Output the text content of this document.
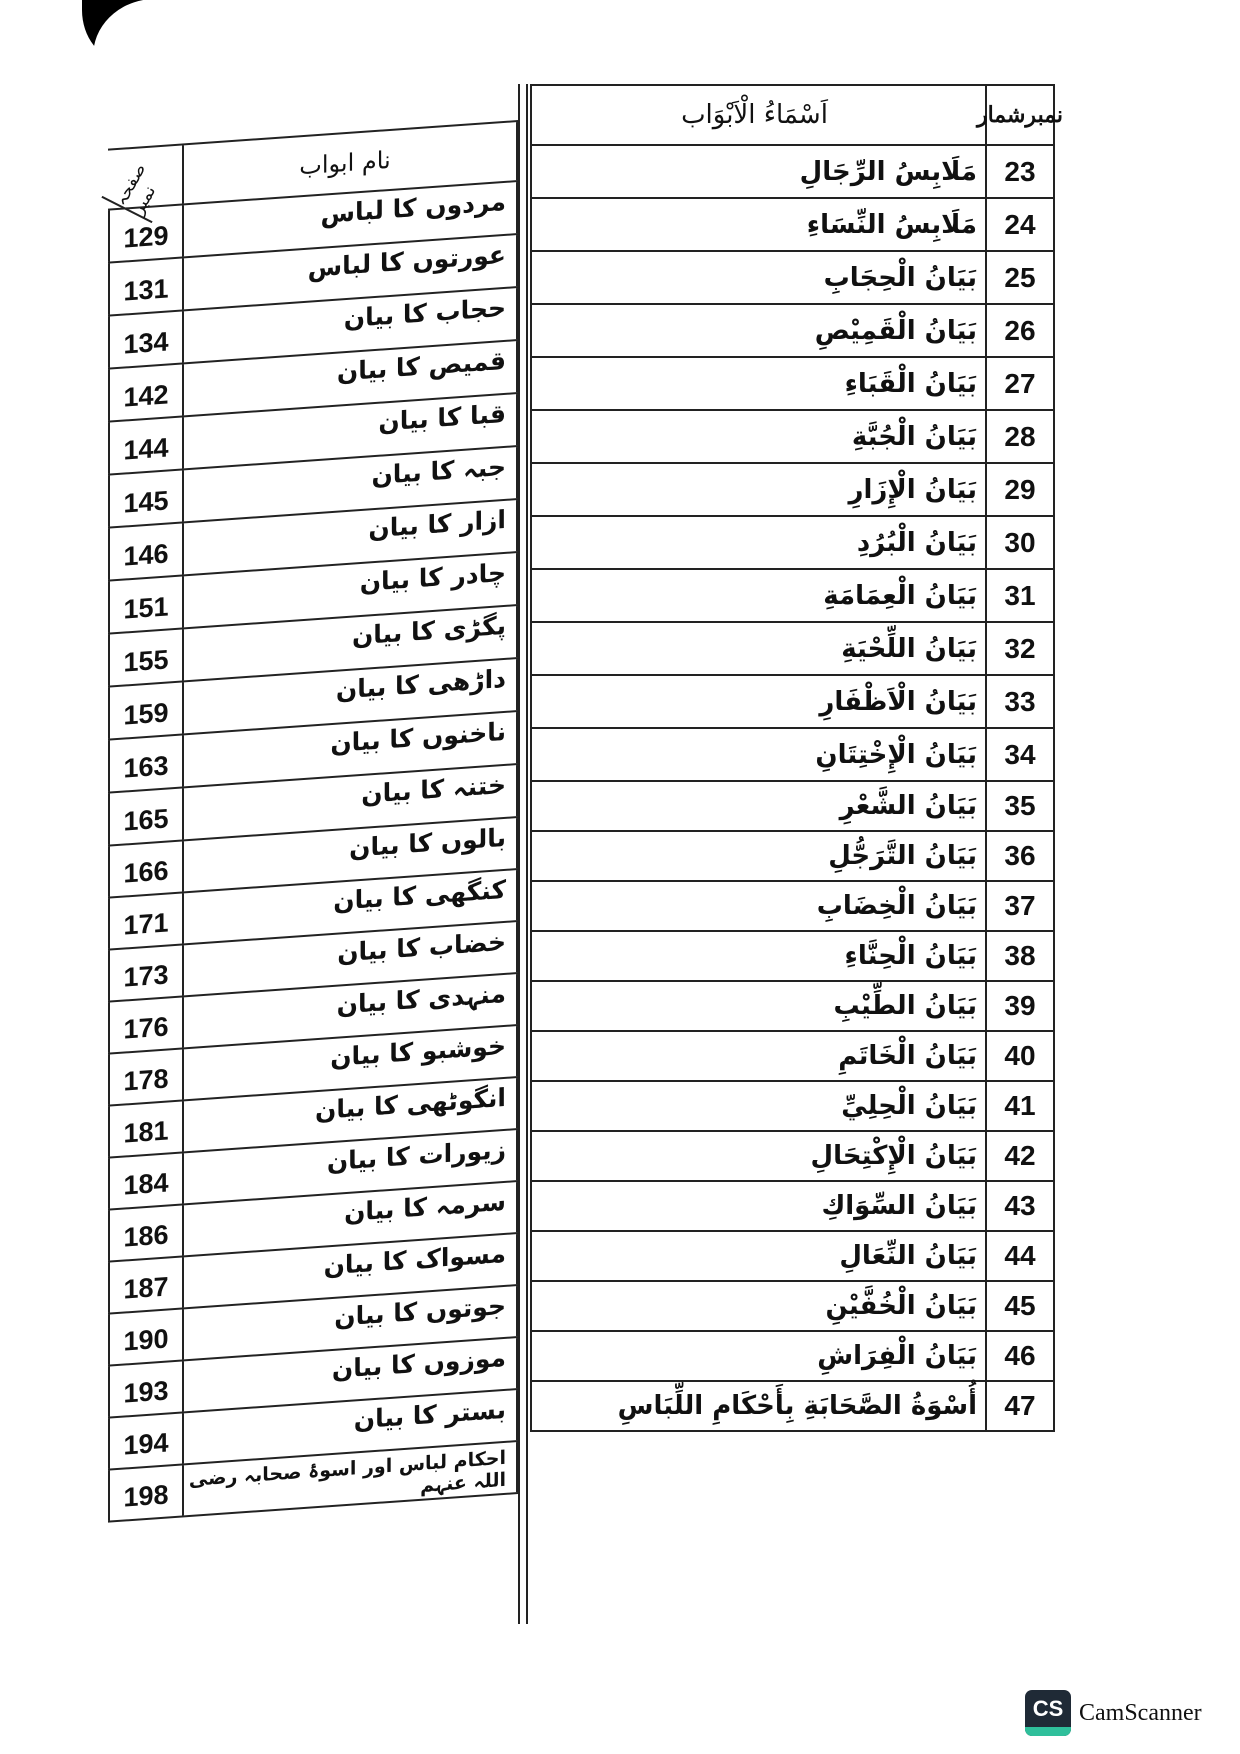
نمبرشمار
اَسْمَاءُ الْاَبْوَاب
23
مَلَابِسُ الرِّجَالِ
24
مَلَابِسُ النِّسَاءِ
25
بَيَانُ الْحِجَابِ
26
بَيَانُ الْقَمِيْصِ
27
بَيَانُ الْقَبَاءِ
28
بَيَانُ الْجُبَّةِ
29
بَيَانُ الْإِزَارِ
30
بَيَانُ الْبُرُدِ
31
بَيَانُ الْعِمَامَةِ
32
بَيَانُ اللِّحْيَةِ
33
بَيَانُ الْاَظْفَارِ
34
بَيَانُ الْإِخْتِتَانِ
35
بَيَانُ الشَّعْرِ
36
بَيَانُ التَّرَجُّلِ
37
بَيَانُ الْخِضَابِ
38
بَيَانُ الْحِنَّاءِ
39
بَيَانُ الطِّيْبِ
40
بَيَانُ الْخَاتَمِ
41
بَيَانُ الْحِلِيِّ
42
بَيَانُ الْإِكْتِحَالِ
43
بَيَانُ السِّوَاكِ
44
بَيَانُ النِّعَالِ
45
بَيَانُ الْخُفَّيْنِ
46
بَيَانُ الْفِرَاشِ
47
أُسْوَةُ الصَّحَابَةِ بِأَحْكَامِ اللِّبَاسِ
نام ابواب
صفحہ نمبر	مردوں کا لباس
129
عورتوں کا لباس
131
حجاب کا بیان
134
قمیص کا بیان
142
قبا کا بیان
144
جبہ کا بیان
145
ازار کا بیان
146
چادر کا بیان
151
پگڑی کا بیان
155
داڑھی کا بیان
159
ناخنوں کا بیان
163
ختنہ کا بیان
165
بالوں کا بیان
166
کنگھی کا بیان
171
خضاب کا بیان
173
منہدی کا بیان
176
خوشبو کا بیان
178
انگوٹھی کا بیان
181
زیورات کا بیان
184
سرمہ کا بیان
186
مسواک کا بیان
187
جوتوں کا بیان
190
موزوں کا بیان
193
بستر کا بیان
194
احکام لباس اور اسوۂ صحابہ رضی اللہ عنہم
198
CS CamScanner
